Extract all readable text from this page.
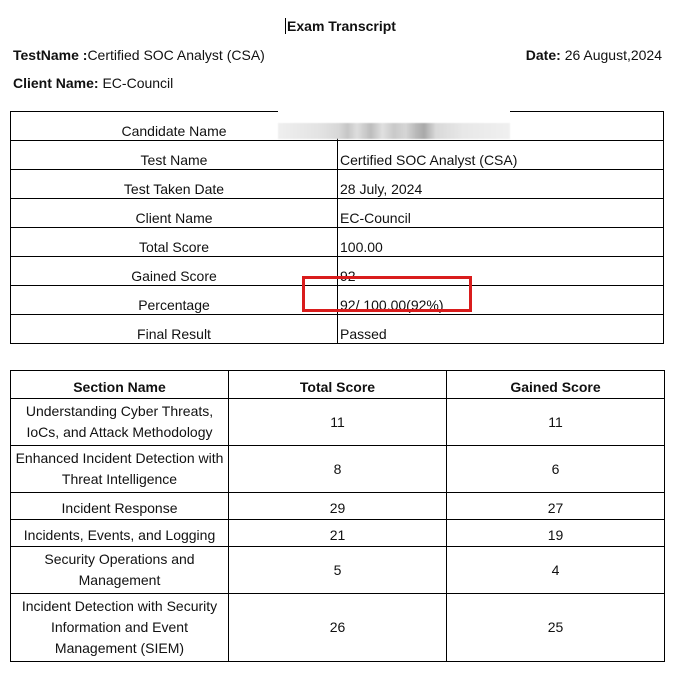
Exam Transcript
TestName :Certified SOC Analyst (CSA)	Date: 26 August,2024
Client Name: EC-Council
Candidate Name	
Test Name	Certified SOC Analyst (CSA)
Test Taken Date	28 July, 2024
Client Name	EC-Council
Total Score	100.00
Gained Score	92
Percentage	92/ 100.00(92%)
Final Result	Passed
Section Name	Total Score	Gained Score
Understanding Cyber Threats,
IoCs, and Attack Methodology	11	11
Enhanced Incident Detection with
Threat Intelligence	8	6
Incident Response	29	27
Incidents, Events, and Logging	21	19
Security Operations and
Management	5	4
Incident Detection with Security
Information and Event
Management (SIEM)	26	25
